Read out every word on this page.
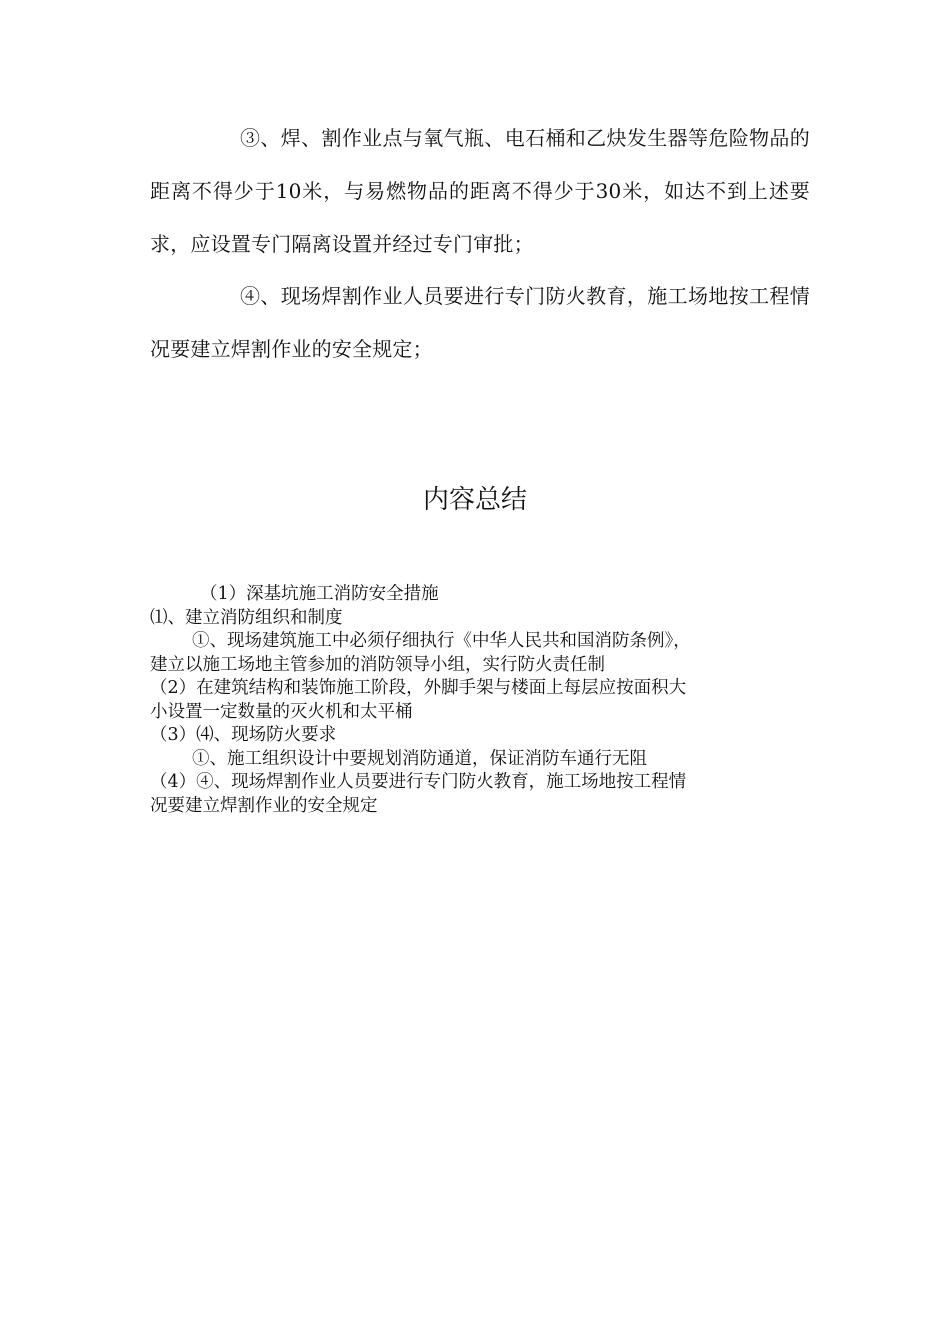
③、焊、割作业点与氧气瓶、电石桶和乙炔发生器等危险物品的距离不得少于10米，与易燃物品的距离不得少于30米，如达不到上述要求，应设置专门隔离设置并经过专门审批；

④、现场焊割作业人员要进行专门防火教育，施工场地按工程情况要建立焊割作业的安全规定；

内容总结

（1）深基坑施工消防安全措施

⑴、建立消防组织和制度

①、现场建筑施工中必须仔细执行《中华人民共和国消防条例》，

建立以施工场地主管参加的消防领导小组，实行防火责任制

（2）在建筑结构和装饰施工阶段，外脚手架与楼面上每层应按面积大

小设置一定数量的灭火机和太平桶

（3）⑷、现场防火要求

①、施工组织设计中要规划消防通道，保证消防车通行无阻

（4）④、现场焊割作业人员要进行专门防火教育，施工场地按工程情

况要建立焊割作业的安全规定
